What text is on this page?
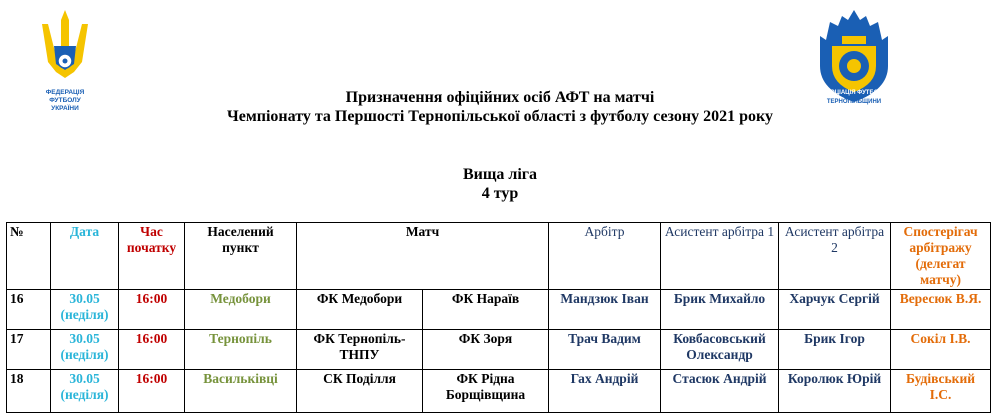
ФЕДЕРАЦІЯ
ФУТБОЛУ
УКРАЇНИ
АСОЦІАЦІЯ ФУТБОЛУ
ТЕРНОПІЛЬЩИНИ
Призначення офіційних осіб АФТ на матчі
Чемпіонату та Першості Тернопільської області з футболу сезону 2021 року
Вища ліга
4 тур
№	Дата	Час початку	Населений пункт	Матч		Арбітр	Асистент арбітра 1	Асистент арбітра 2	Спостерігач арбітражу (делегат матчу)
16	30.05 (неділя)	16:00	Медобори	ФК Медобори	ФК Нараїв	Мандзюк Іван	Брик Михайло	Харчук Сергій	Вересюк В.Я.
17	30.05 (неділя)	16:00	Тернопіль	ФК Тернопіль-ТНПУ	ФК Зоря	Трач Вадим	Ковбасовський Олександр	Брик Ігор	Сокіл І.В.
18	30.05 (неділя)	16:00	Васильківці	СК Поділля	ФК Рідна Борщівщина	Гах Андрій	Стасюк Андрій	Королюк Юрій	Будівський І.С.
